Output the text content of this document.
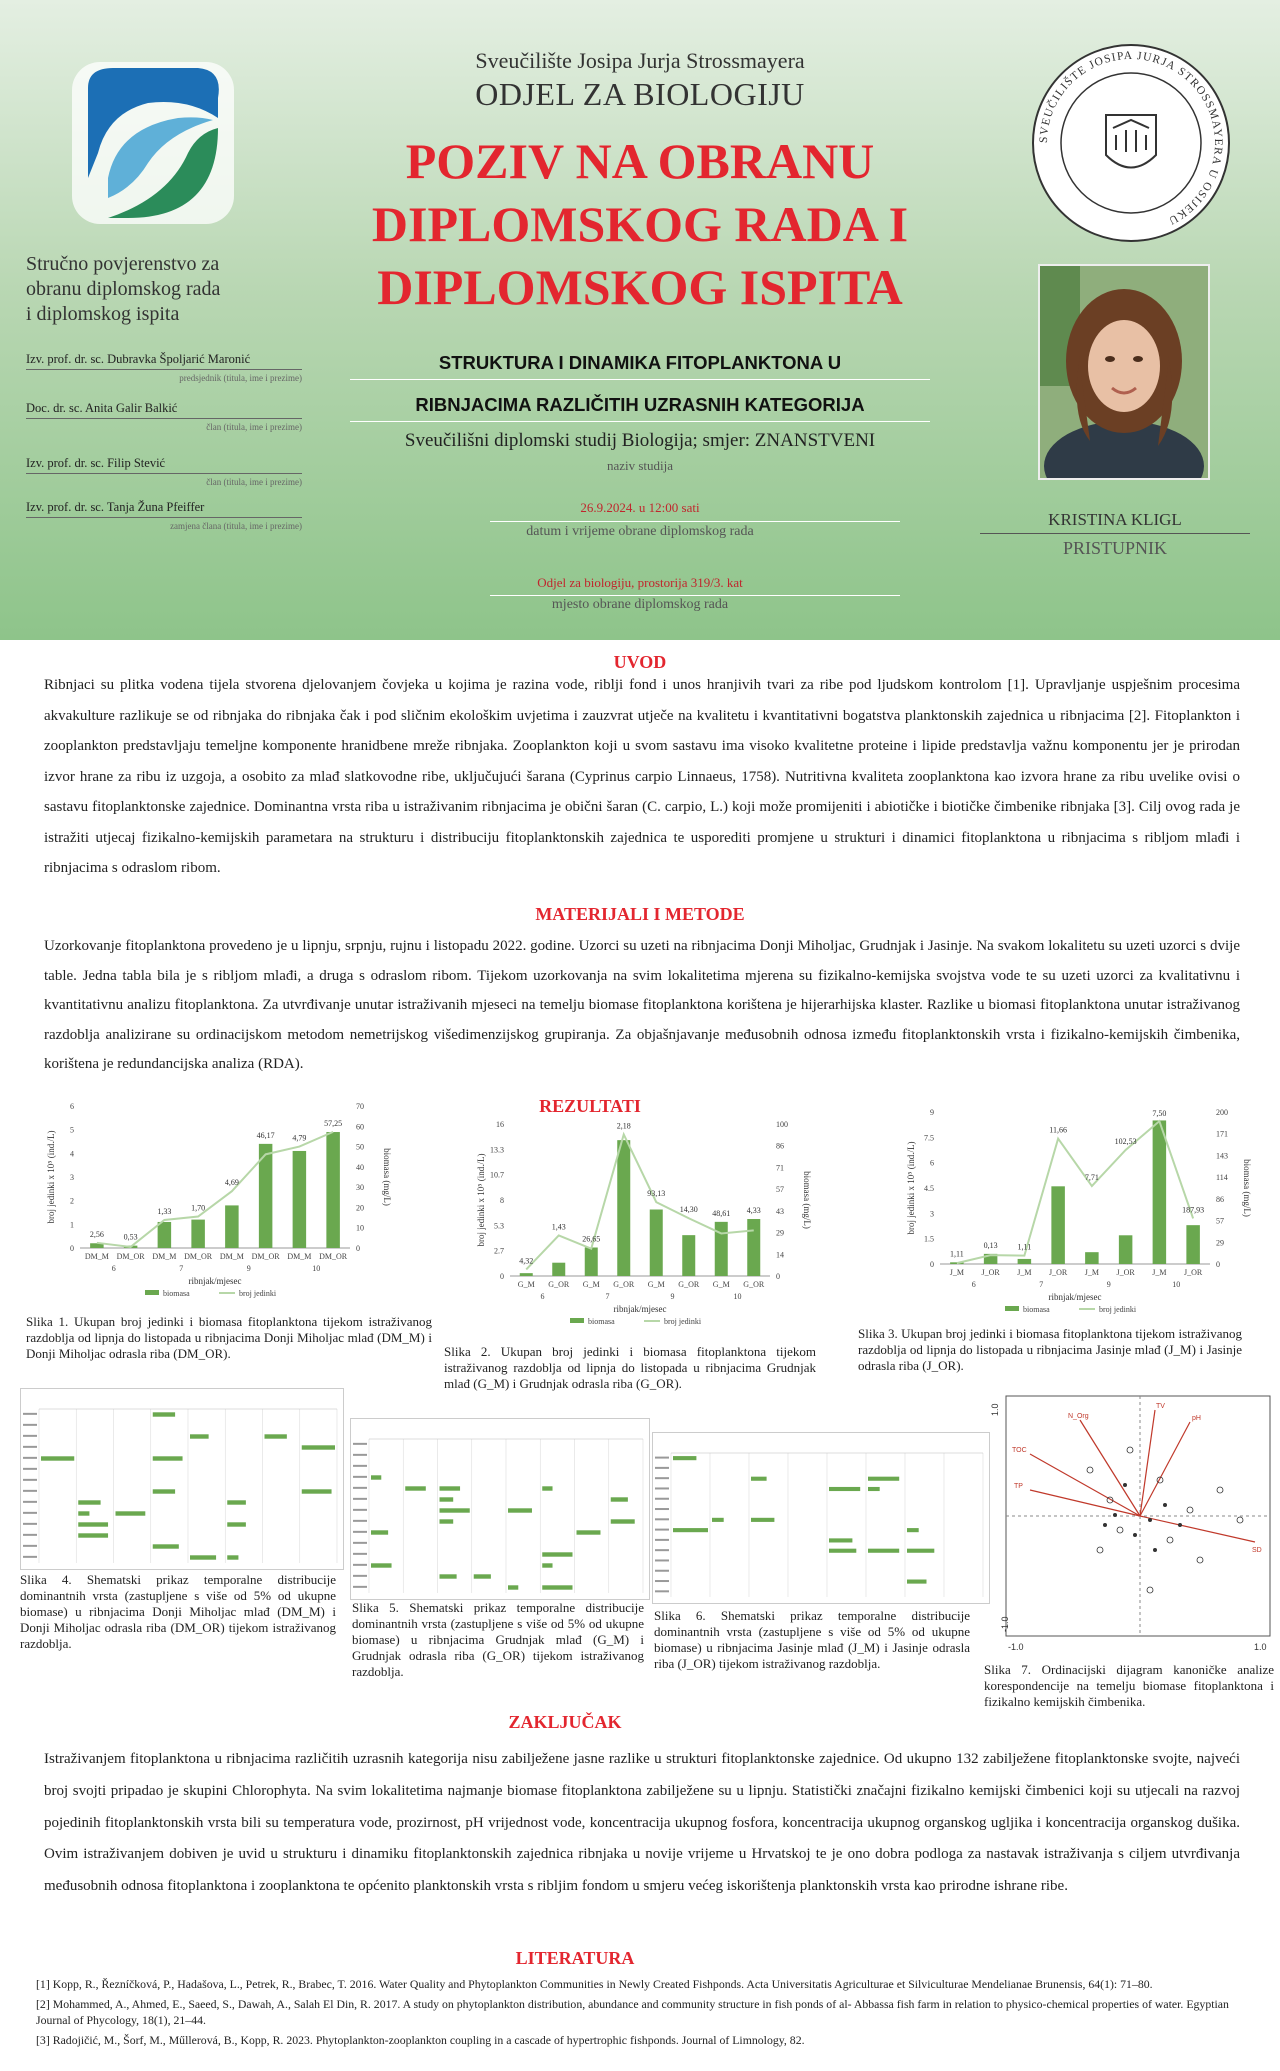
Stručno povjerenstvo za
obranu diplomskog rada
i diplomskog ispita
Izv. prof. dr. sc. Dubravka Špoljarić Maronić
predsjednik (titula, ime i prezime)
Doc. dr. sc. Anita Galir Balkić
član (titula, ime i prezime)
Izv. prof. dr. sc. Filip Stević
član (titula, ime i prezime)
Izv. prof. dr. sc. Tanja Žuna Pfeiffer
zamjena člana (titula, ime i prezime)
Sveučilište Josipa Jurja Strossmayera
ODJEL ZA BIOLOGIJU
POZIV NA OBRANU
DIPLOMSKOG RADA I
DIPLOMSKOG ISPITA
STRUKTURA I DINAMIKA FITOPLANKTONA U
RIBNJACIMA RAZLIČITIH UZRASNIH KATEGORIJA
Sveučilišni diplomski studij Biologija; smjer: ZNANSTVENI
naziv studija
26.9.2024. u 12:00 sati
datum i vrijeme obrane diplomskog rada
Odjel za biologiju, prostorija 319/3. kat
mjesto obrane diplomskog rada
SVEUČILIŠTE JOSIPA JURJA STROSSMAYERA U OSIJEKU
KRISTINA KLIGL
PRISTUPNIK
UVOD
Ribnjaci su plitka vodena tijela stvorena djelovanjem čovjeka u kojima je razina vode, riblji fond i unos hranjivih tvari za ribe pod ljudskom kontrolom [1]. Upravljanje uspješnim procesima akvakulture razlikuje se od ribnjaka do ribnjaka čak i pod sličnim ekološkim uvjetima i zauzvrat utječe na kvalitetu i kvantitativni bogatstva planktonskih zajednica u ribnjacima [2]. Fitoplankton i zooplankton predstavljaju temeljne komponente hranidbene mreže ribnjaka. Zooplankton koji u svom sastavu ima visoko kvalitetne proteine i lipide predstavlja važnu komponentu jer je prirodan izvor hrane za ribu iz uzgoja, a osobito za mlađ slatkovodne ribe, uključujući šarana (Cyprinus carpio Linnaeus, 1758). Nutritivna kvaliteta zooplanktona kao izvora hrane za ribu uvelike ovisi o sastavu fitoplanktonske zajednice. Dominantna vrsta riba u istraživanim ribnjacima je obični šaran (C. carpio, L.) koji može promijeniti i abiotičke i biotičke čimbenike ribnjaka [3]. Cilj ovog rada je istražiti utjecaj fizikalno-kemijskih parametara na strukturu i distribuciju fitoplanktonskih zajednica te usporediti promjene u strukturi i dinamici fitoplanktona u ribnjacima s ribljom mlađi i ribnjacima s odraslom ribom.
MATERIJALI I METODE
Uzorkovanje fitoplanktona provedeno je u lipnju, srpnju, rujnu i listopadu 2022. godine. Uzorci su uzeti na ribnjacima Donji Miholjac, Grudnjak i Jasinje. Na svakom lokalitetu su uzeti uzorci s dvije table. Jedna tabla bila je s ribljom mlađi, a druga s odraslom ribom. Tijekom uzorkovanja na svim lokalitetima mjerena su fizikalno-kemijska svojstva vode te su uzeti uzorci za kvalitativnu i kvantitativnu analizu fitoplanktona. Za utvrđivanje unutar istraživanih mjeseci na temelju biomase fitoplanktona korištena je hijerarhijska klaster. Razlike u biomasi fitoplanktona unutar istraživanog razdoblja analizirane su ordinacijskom metodom nemetrijskog višedimenzijskog grupiranja. Za objašnjavanje međusobnih odnosa između fitoplanktonskih vrsta i fizikalno-kemijskih čimbenika, korištena je redundancijska analiza (RDA).
REZULTATI
0
1
2
3
4
5
6
0
10
20
30
40
50
60
70
DM_M DM_OR DM_M DM_OR DM_M DM_OR DM_M DM_OR
2,56 0,53
1,33 1,70
4,69
46,17 4,79
57,25
6	7	9	10
ribnjak/mjesec
broj jedinki x 10⁵ (ind./L)	biomasa (mg/L)
biomasa	broj jedinki
Slika 1. Ukupan broj jedinki i biomasa fitoplanktona tijekom istraživanog razdoblja od lipnja do listopada u ribnjacima Donji Miholjac mlađ (DM_M) i Donji Miholjac odrasla riba (DM_OR).
0
2.7
5.3
8
10.7
13.3
16
0
14
29
43
57
71
86
100
G_M G_OR G_M G_OR G_M G_OR G_M G_OR
4,32
1,43
26,65
2,18
93,13
14,30 48,61 4,33
6	7	9	10
ribnjak/mjesec
broj jedinki x 10⁵ (ind./L)	biomasa (mg/L)
biomasa	broj jedinki
Slika 2. Ukupan broj jedinki i biomasa fitoplanktona tijekom istraživanog razdoblja od lipnja do listopada u ribnjacima Grudnjak mlađ (G_M) i Grudnjak odrasla riba (G_OR).
0
1.5
3
4.5
6
7.5
9
0
29
57
86
114
143
171
200
J_M J_OR J_M J_OR J_M J_OR J_M J_OR
1,11
0,13 1,11
11,66
7,71
102,53
7,50
187,93
6	7	9	10
ribnjak/mjesec
broj jedinki x 10⁵ (ind./L)	biomasa (mg/L)
biomasa	broj jedinki
Slika 3. Ukupan broj jedinki i biomasa fitoplanktona tijekom istraživanog razdoblja od lipnja do listopada u ribnjacima Jasinje mlađ (J_M) i Jasinje odrasla riba (J_OR).
Slika 4. Shematski prikaz temporalne distribucije dominantnih vrsta (zastupljene s više od 5% od ukupne biomase) u ribnjacima Donji Miholjac mlađ (DM_M) i Donji Miholjac odrasla riba (DM_OR) tijekom istraživanog razdoblja.
Slika 5. Shematski prikaz temporalne distribucije dominantnih vrsta (zastupljene s više od 5% od ukupne biomase) u ribnjacima Grudnjak mlađ (G_M) i Grudnjak odrasla riba (G_OR) tijekom istraživanog razdoblja.
Slika 6. Shematski prikaz temporalne distribucije dominantnih vrsta (zastupljene s više od 5% od ukupne biomase) u ribnjacima Jasinje mlađ (J_M) i Jasinje odrasla riba (J_OR) tijekom istraživanog razdoblja.
TV
pH
TOC
TP
SD
N_Org
-1.0
1.0
-1.0	1.0
Slika 7. Ordinacijski dijagram kanoničke analize korespondencije na temelju biomase fitoplanktona i fizikalno kemijskih čimbenika.
ZAKLJUČAK
Istraživanjem fitoplanktona u ribnjacima različitih uzrasnih kategorija nisu zabilježene jasne razlike u strukturi fitoplanktonske zajednice. Od ukupno 132 zabilježene fitoplanktonske svojte, najveći broj svojti pripadao je skupini Chlorophyta. Na svim lokalitetima najmanje biomase fitoplanktona zabilježene su u lipnju. Statistički značajni fizikalno kemijski čimbenici koji su utjecali na razvoj pojedinih fitoplanktonskih vrsta bili su temperatura vode, prozirnost, pH vrijednost vode, koncentracija ukupnog fosfora, koncentracija ukupnog organskog ugljika i koncentracija organskog dušika. Ovim istraživanjem dobiven je uvid u strukturu i dinamiku fitoplanktonskih zajednica ribnjaka u novije vrijeme u Hrvatskoj te je ono dobra podloga za nastavak istraživanja s ciljem utvrđivanja međusobnih odnosa fitoplanktona i zooplanktona te općenito planktonskih vrsta s ribljim fondom u smjeru većeg iskorištenja planktonskih vrsta kao prirodne ishrane ribe.
LITERATURA

[1] Kopp, R., Řezníčková, P., Hadašova, L., Petrek, R., Brabec, T. 2016. Water Quality and Phytoplankton Communities in Newly Created Fishponds. Acta Universitatis Agriculturae et Silviculturae Mendelianae Brunensis, 64(1): 71–80.

[2] Mohammed, A., Ahmed, E., Saeed, S., Dawah, A., Salah El Din, R. 2017. A study on phytoplankton distribution, abundance and community structure in fish ponds of al- Abbassa fish farm in relation to physico-chemical properties of water. Egyptian Journal of Phycology, 18(1), 21–44.

[3] Radojičić, M., Šorf, M., Műllerová, B., Kopp, R. 2023. Phytoplankton-zooplankton coupling in a cascade of hypertrophic fishponds. Journal of Limnology, 82.
